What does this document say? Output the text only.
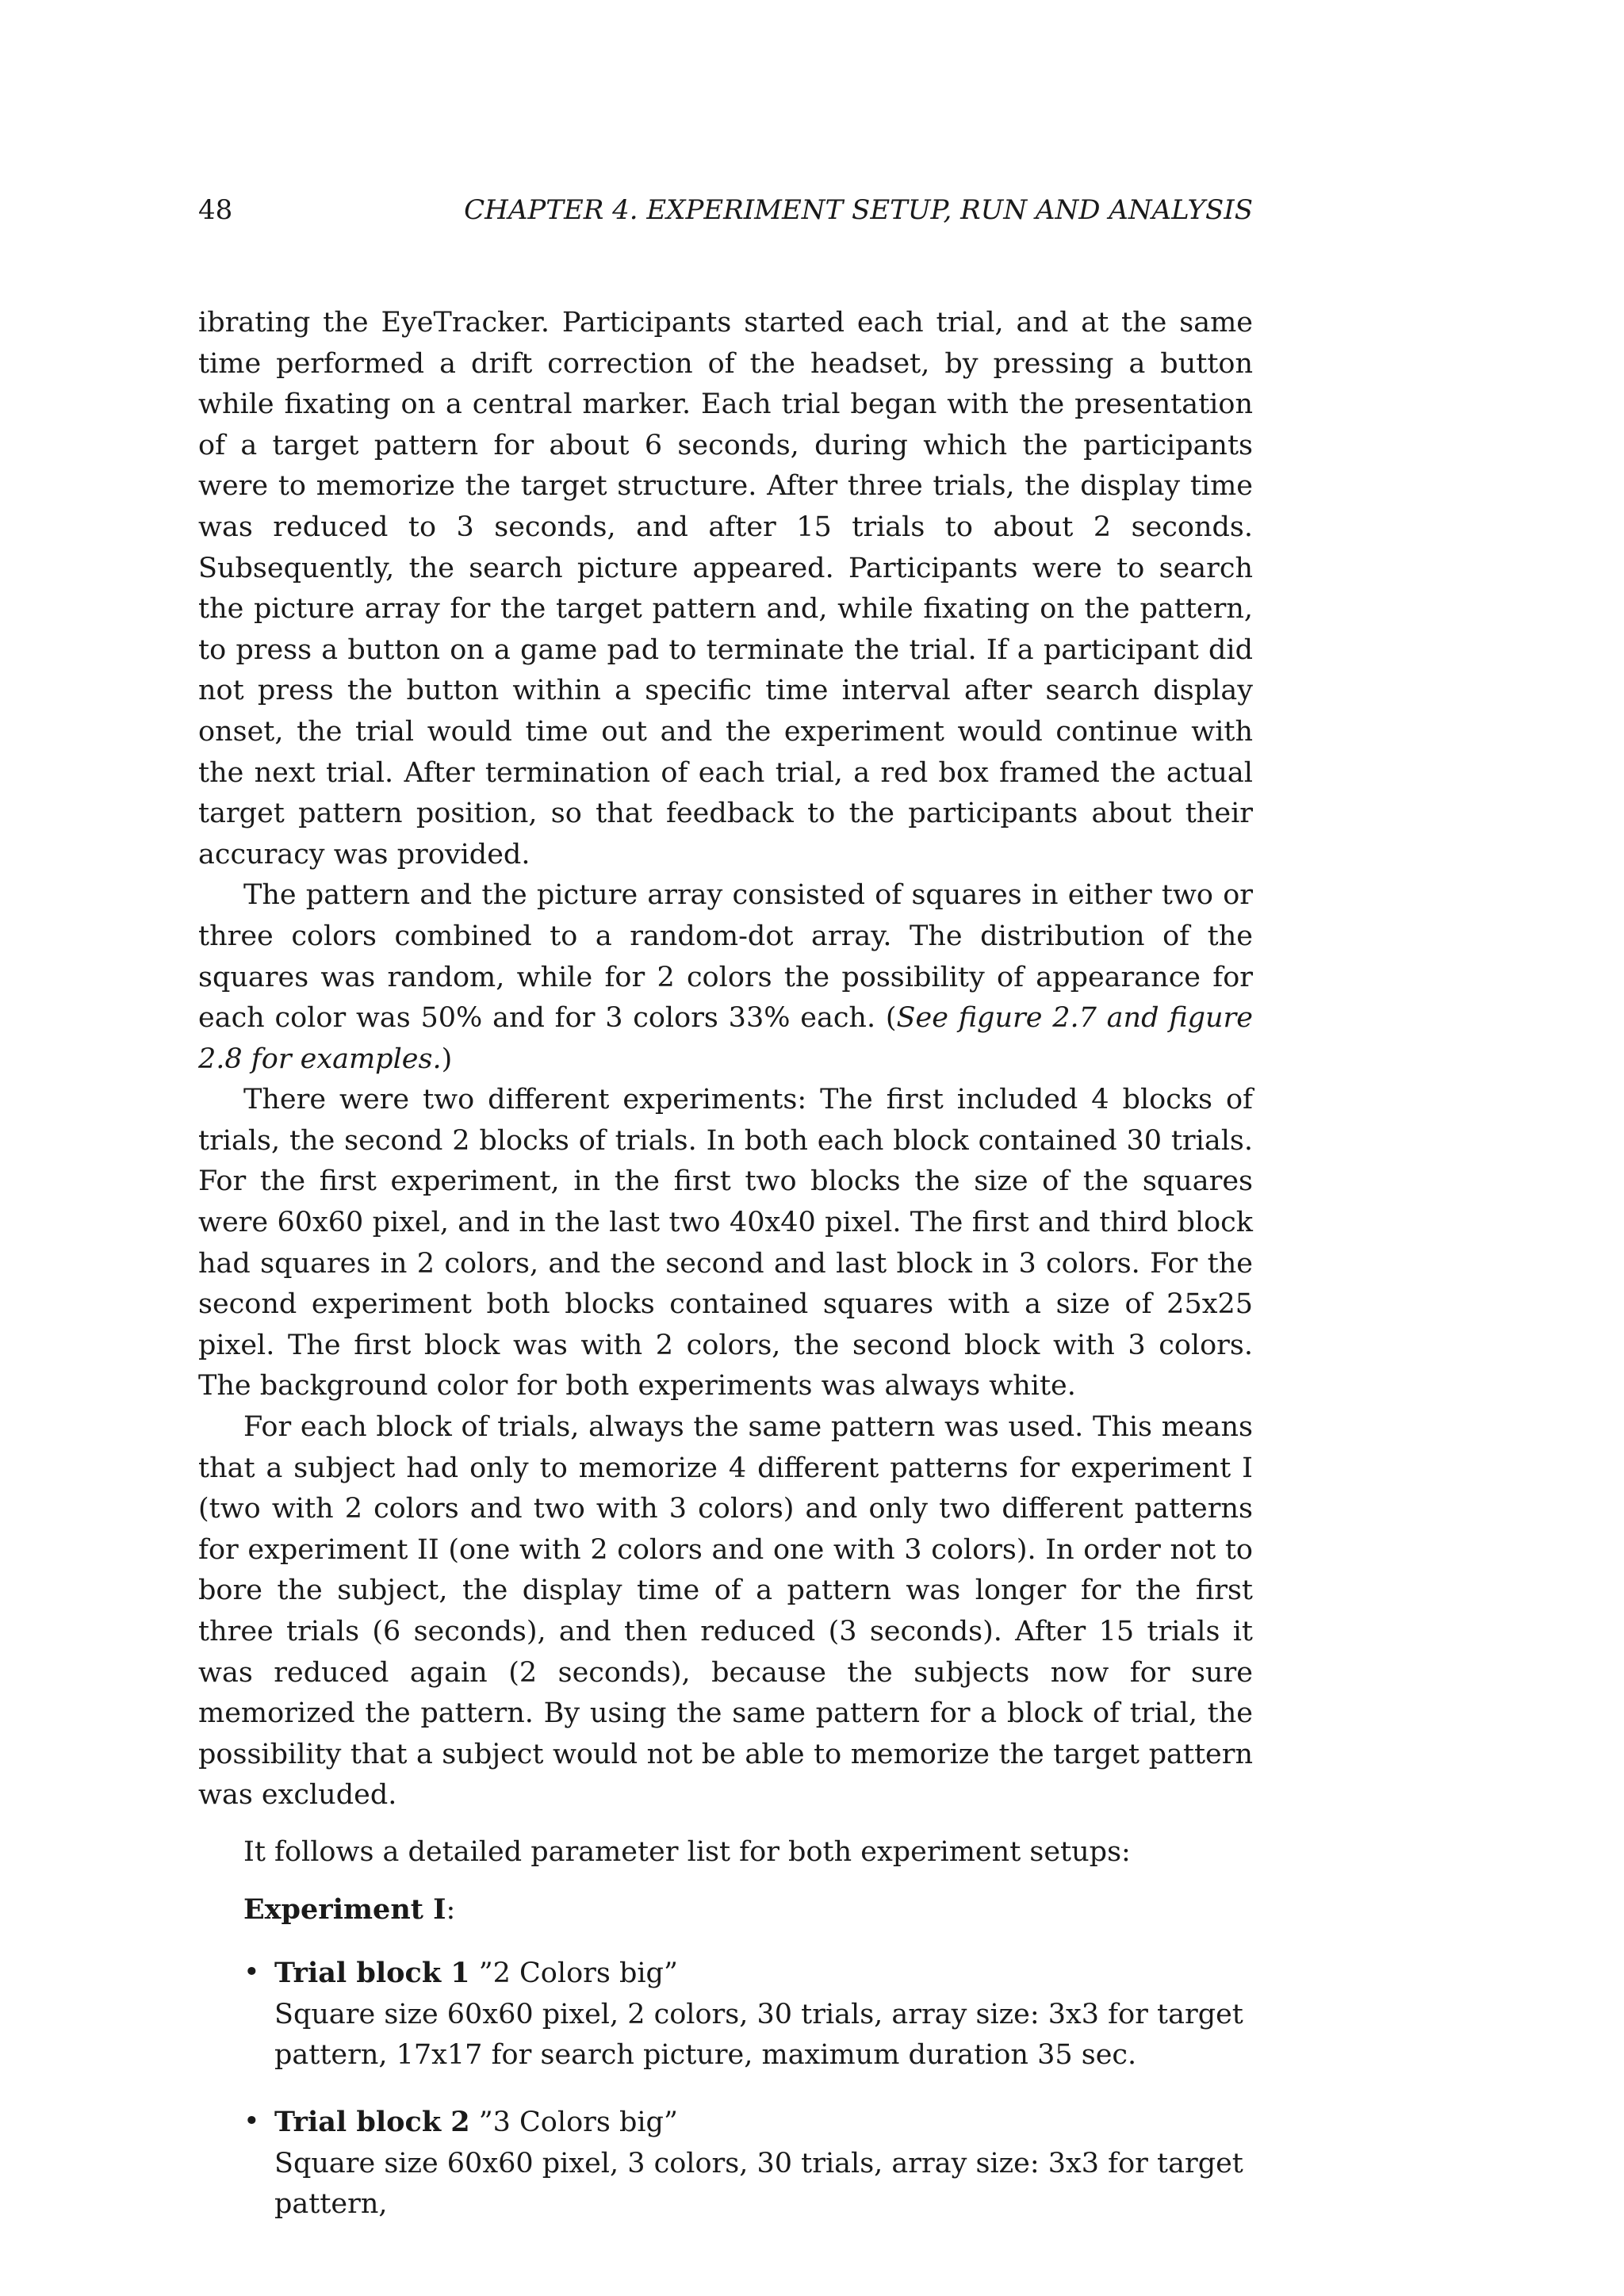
48	CHAPTER 4. EXPERIMENT SETUP, RUN AND ANALYSIS

ibrating the EyeTracker. Participants started each trial, and at the same time performed a drift correction of the headset, by pressing a button while fixating on a central marker. Each trial began with the presentation of a target pattern for about 6 seconds, during which the participants were to memorize the target structure. After three trials, the display time was reduced to 3 seconds, and after 15 trials to about 2 seconds. Subsequently, the search picture appeared. Participants were to search the picture array for the target pattern and, while fixating on the pattern, to press a button on a game pad to terminate the trial. If a participant did not press the button within a specific time interval after search display onset, the trial would time out and the experiment would continue with the next trial. After termination of each trial, a red box framed the actual target pattern position, so that feedback to the participants about their accuracy was provided.

The pattern and the picture array consisted of squares in either two or three colors combined to a random-dot array. The distribution of the squares was random, while for 2 colors the possibility of appearance for each color was 50% and for 3 colors 33% each. (See figure 2.7 and figure 2.8 for examples.)

There were two different experiments: The first included 4 blocks of trials, the second 2 blocks of trials. In both each block contained 30 trials. For the first experiment, in the first two blocks the size of the squares were 60x60 pixel, and in the last two 40x40 pixel. The first and third block had squares in 2 colors, and the second and last block in 3 colors. For the second experiment both blocks contained squares with a size of 25x25 pixel. The first block was with 2 colors, the second block with 3 colors. The background color for both experiments was always white.

For each block of trials, always the same pattern was used. This means that a subject had only to memorize 4 different patterns for experiment I (two with 2 colors and two with 3 colors) and only two different patterns for experiment II (one with 2 colors and one with 3 colors). In order not to bore the subject, the display time of a pattern was longer for the first three trials (6 seconds), and then reduced (3 seconds). After 15 trials it was reduced again (2 seconds), because the subjects now for sure memorized the pattern. By using the same pattern for a block of trial, the possibility that a subject would not be able to memorize the target pattern was excluded.

It follows a detailed parameter list for both experiment setups:

Experiment I:
• Trial block 1 ”2 Colors big”
Square size 60x60 pixel, 2 colors, 30 trials, array size: 3x3 for target pattern, 17x17 for search picture, maximum duration 35 sec.
• Trial block 2 ”3 Colors big”
Square size 60x60 pixel, 3 colors, 30 trials, array size: 3x3 for target pattern,
